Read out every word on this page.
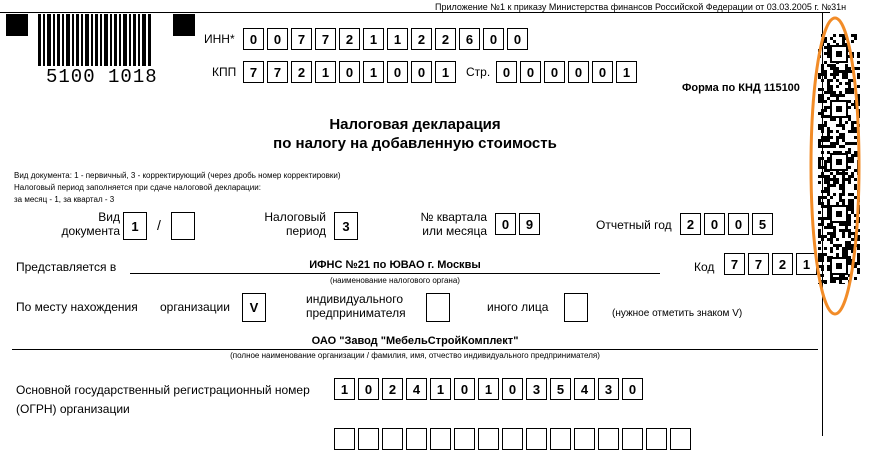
Приложение №1 к приказу Министерства финансов Российской Федерации от 03.03.2005 г. №31н
5100 1018
ИНН*	0	0	7	7	2	1	1	2	2	6	0	0
КПП	7	7	2	1	0	1	0	0	1	Стр. 0	0	0	0	0	1
Форма по КНД 115100
Налоговая декларация
по налогу на добавленную стоимость
Вид документа: 1 - первичный, 3 - корректирующий (через дробь номер корректировки)
Налоговый период заполняется при сдаче налоговой декларации:
за месяц - 1, за квартал - 3
Вид
документа 1	/	Налоговый
период	3
№ квартала
или месяца	0	9	Отчетный год	2	0	0	5
Представляется в	ИФНС №21 по ЮВАО г. Москвы
(наименование налогового органа)
Код	7	7	2	1
По месту нахождения организации	V
индивидуального
предпринимателя	иного лица	(нужное отметить знаком V)
ОАО "Завод "МебельСтройКомплект"
(полное наименование организации / фамилия, имя, отчество индивидуального предпринимателя)
Основной государственный регистрационный номер
(ОГРН) организации
1	0	2	4	1	0	1	0	3	5	4	3	0
